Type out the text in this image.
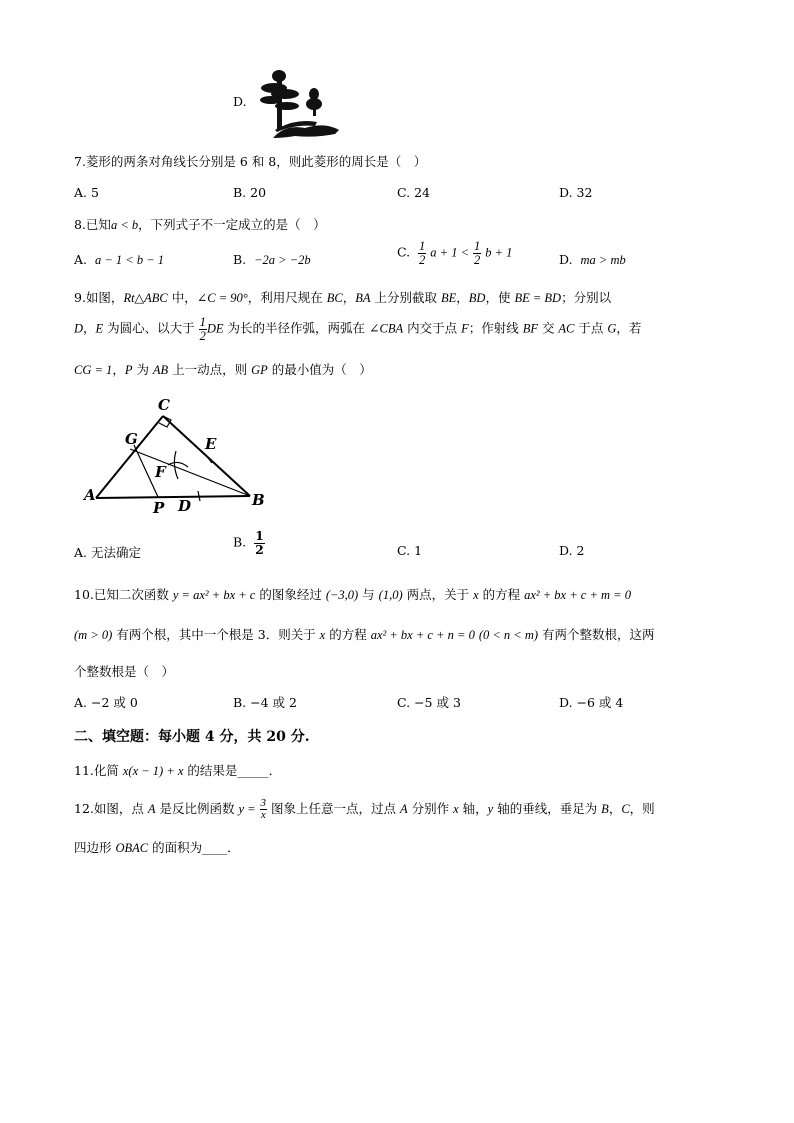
D.
7.菱形的两条对角线长分别是 6 和 8，则此菱形的周长是（　）
A. 5	B. 20	C. 24	D. 32
8.已知a < b，下列式子不一定成立的是（　）
A. a − 1 < b − 1	B. −2a > −2b
C. $\frac{1}{2}$ $a + 1 < \frac{1}{2}$ b + 1	D. ma > mb
9.如图，Rt△ABC 中，∠C = 90°，利用尺规在 BC，BA 上分别截取 BE，BD，使 BE = BD；分别以
D，E 为圆心、以大于 $\frac{1}{2}$ DE 为长的半径作弧，两弧在 ∠CBA 内交于点 F；作射线 BF 交 AC 于点 G，若
CG = 1，P 为 AB 上一动点，则 GP 的最小值为（　）
C
G	E
F
A
P D	B
A. 无法确定
B. $\frac{1}{2}$	C. 1	D. 2
10.已知二次函数 y = ax² + bx + c 的图象经过 (−3,0) 与 (1,0) 两点，关于 x 的方程 ax² + bx + c + m = 0
(m > 0) 有两个根，其中一个根是 3．则关于 x 的方程 ax² + bx + c + n = 0 (0 < n < m) 有两个整数根，这两
个整数根是（　）
A. −2 或 0	B. −4 或 2	C. −5 或 3	D. −6 或 4
二、填空题：每小题 4 分，共 20 分.
11.化简 x(x − 1) + x 的结果是_____．
12.如图，点 A 是反比例函数 $y = \frac{3}{x}$ 图象上任意一点，过点 A 分别作 x 轴，y 轴的垂线，垂足为 B，C，则
四边形 OBAC 的面积为____．
